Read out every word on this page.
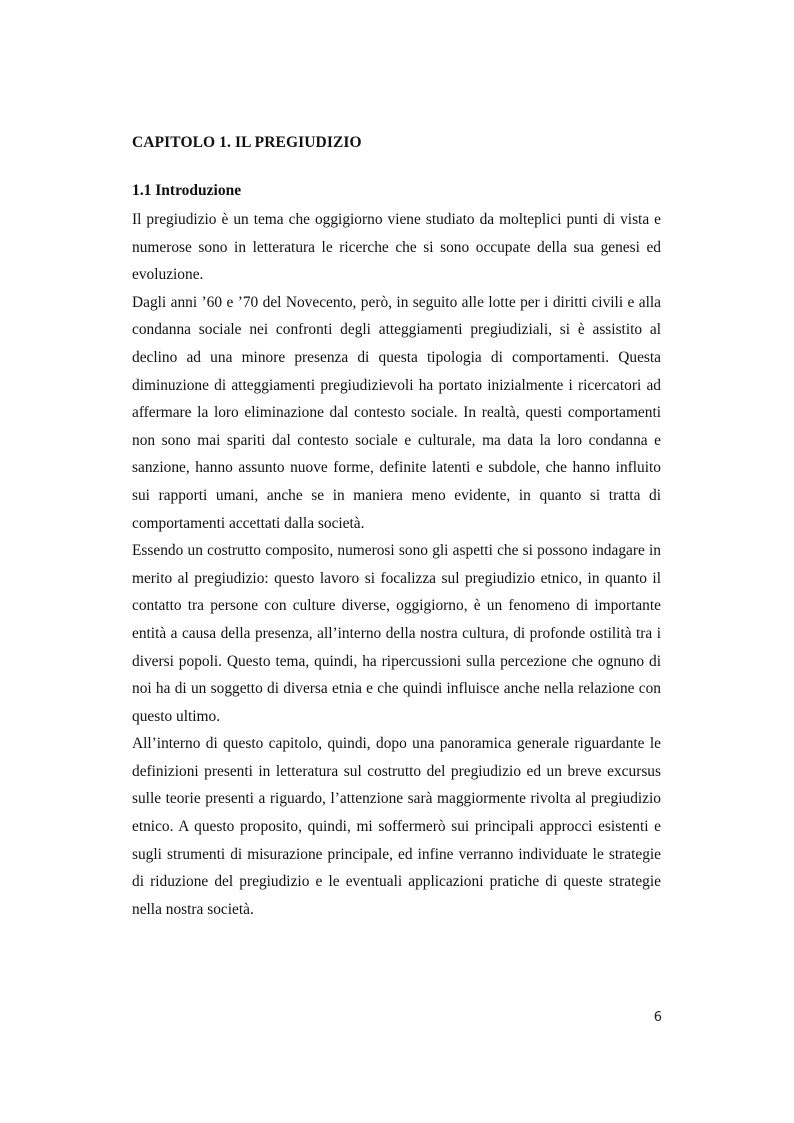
CAPITOLO 1. IL PREGIUDIZIO
1.1 Introduzione

Il pregiudizio è un tema che oggigiorno viene studiato da molteplici punti di vista e numerose sono in letteratura le ricerche che si sono occupate della sua genesi ed evoluzione.

Dagli anni ’60 e ’70 del Novecento, però, in seguito alle lotte per i diritti civili e alla condanna sociale nei confronti degli atteggiamenti pregiudiziali, si è assistito al declino ad una minore presenza di questa tipologia di comportamenti. Questa diminuzione di atteggiamenti pregiudizievoli ha portato inizialmente i ricercatori ad affermare la loro eliminazione dal contesto sociale. In realtà, questi comportamenti non sono mai spariti dal contesto sociale e culturale, ma data la loro condanna e sanzione, hanno assunto nuove forme, definite latenti e subdole, che hanno influito sui rapporti umani, anche se in maniera meno evidente, in quanto si tratta di comportamenti accettati dalla società.

Essendo un costrutto composito, numerosi sono gli aspetti che si possono indagare in merito al pregiudizio: questo lavoro si focalizza sul pregiudizio etnico, in quanto il contatto tra persone con culture diverse, oggigiorno, è un fenomeno di importante entità a causa della presenza, all’interno della nostra cultura, di profonde ostilità tra i diversi popoli. Questo tema, quindi, ha ripercussioni sulla percezione che ognuno di noi ha di un soggetto di diversa etnia e che quindi influisce anche nella relazione con questo ultimo.

All’interno di questo capitolo, quindi, dopo una panoramica generale riguardante le definizioni presenti in letteratura sul costrutto del pregiudizio ed un breve excursus sulle teorie presenti a riguardo, l’attenzione sarà maggiormente rivolta al pregiudizio etnico. A questo proposito, quindi, mi soffermerò sui principali approcci esistenti e sugli strumenti di misurazione principale, ed infine verranno individuate le strategie di riduzione del pregiudizio e le eventuali applicazioni pratiche di queste strategie nella nostra società.

6
